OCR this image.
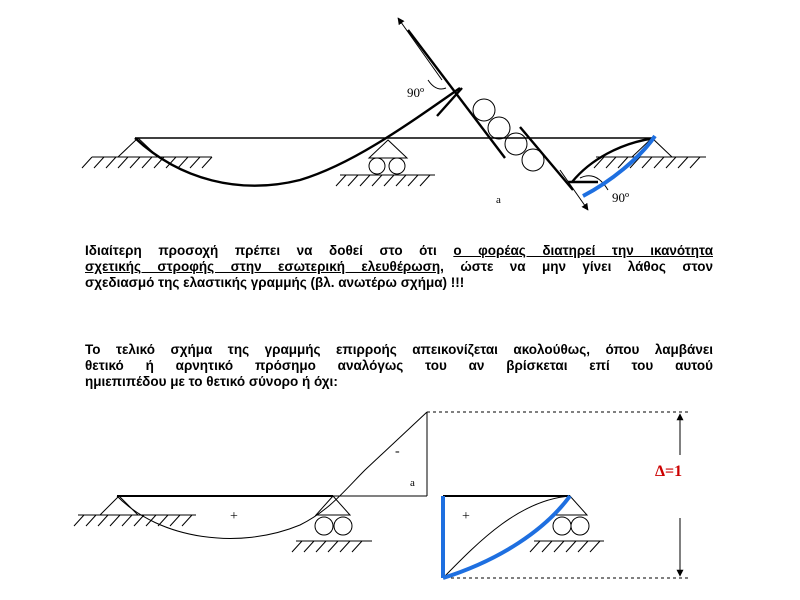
90º
90º
a
-
a
+	+
Δ=1
Ιδιαίτερη προσοχή πρέπει να δοθεί στο ότι ο φορέας διατηρεί την ικανότητα
σχετικής στροφής στην εσωτερική ελευθέρωση, ώστε να μην γίνει λάθος στον
σχεδιασμό της ελαστικής γραμμής (βλ. ανωτέρω σχήμα) !!!
Το τελικό σχήμα της γραμμής επιρροής απεικονίζεται ακολούθως, όπου λαμβάνει
θετικό ή αρνητικό πρόσημο αναλόγως του αν βρίσκεται επί του αυτού
ημιεπιπέδου με το θετικό σύνορο ή όχι:
